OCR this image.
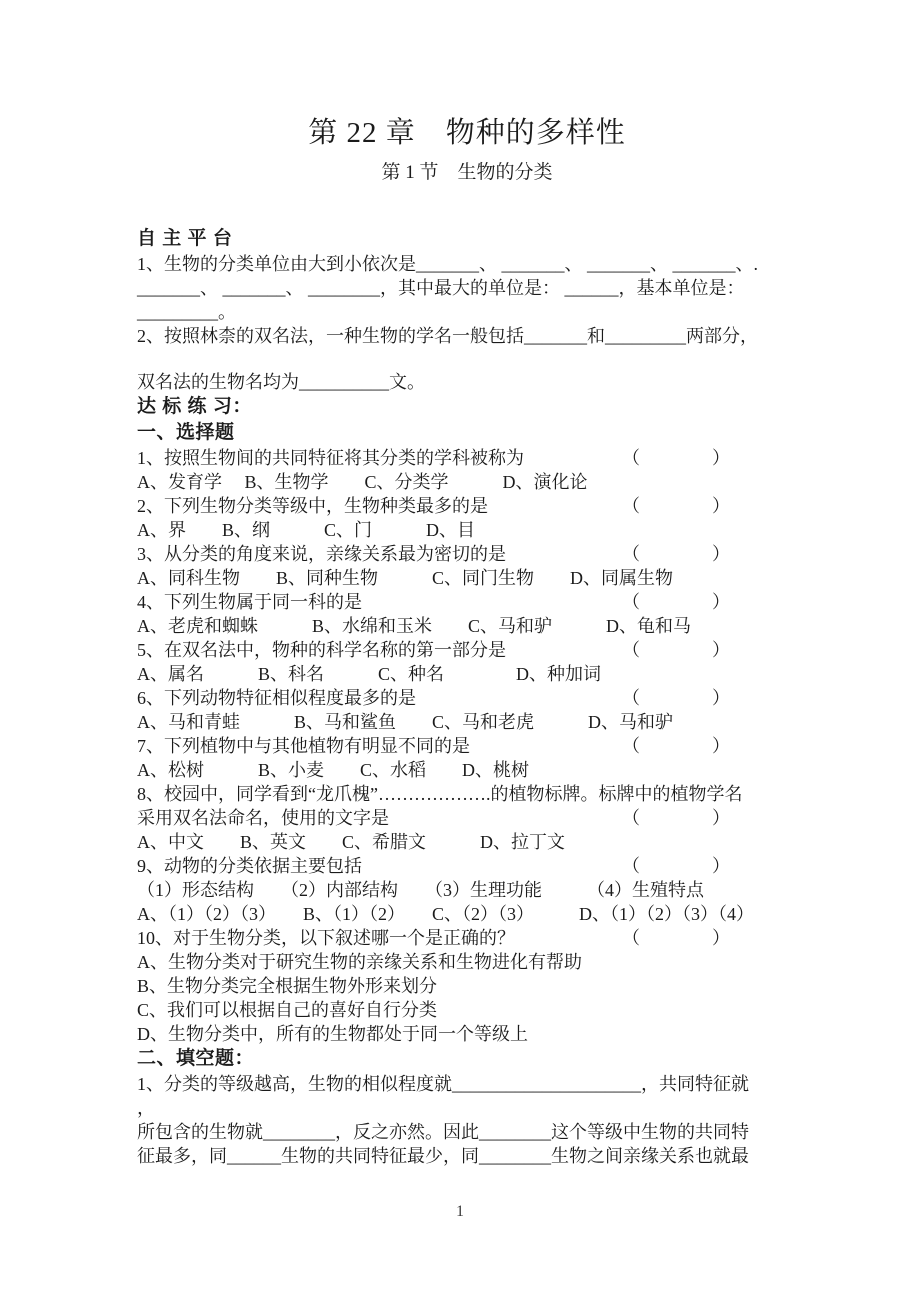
第 22 章　物种的多样性
第 1 节　生物的分类
自 主 平 台
1、生物的分类单位由大到小依次是_______、 _______、 _______、 _______、.
_______、 _______、 ________，其中最大的单位是： ______，基本单位是：
_________。
2、按照林柰的双名法，一种生物的学名一般包括_______和_________两部分，
双名法的生物名均为__________文。
达 标 练 习：
一、选择题
1、按照生物间的共同特征将其分类的学科被称为	（　　　　）
A、发育学　 B、生物学　　C、分类学　　　D、演化论
2、下列生物分类等级中，生物种类最多的是	（　　　　）
A、界　　B、纲　　　C、门　　　D、目
3、从分类的角度来说，亲缘关系最为密切的是	（　　　　）
A、同科生物　　B、同种生物　　　C、同门生物　　D、同属生物
4、下列生物属于同一科的是	（　　　　）
A、老虎和蜘蛛　　　B、水绵和玉米　　C、马和驴　　　D、龟和马
5、在双名法中，物种的科学名称的第一部分是	（　　　　）
A、属名　　　B、科名　　　C、种名　　　　D、种加词
6、下列动物特征相似程度最多的是	（　　　　）
A、马和青蛙　　　B、马和鲨鱼　　C、马和老虎　　　D、马和驴
7、下列植物中与其他植物有明显不同的是	（　　　　）
A、松树　　　B、小麦　　C、水稻　　D、桃树
8、校园中，同学看到“龙爪槐”……………….的植物标牌。标牌中的植物学名
采用双名法命名，使用的文字是	（　　　　）
A、中文　　B、英文　　C、希腊文　　　D、拉丁文
9、动物的分类依据主要包括	（　　　　）
（1）形态结构　　（2）内部结构　　（3）生理功能　　　（4）生殖特点
A、（1）（2）（3）　　B、（1）（2）　　C、（2）（3）　　　D、（1）（2）（3）（4）
10、对于生物分类，以下叙述哪一个是正确的？	（　　　　）
A、生物分类对于研究生物的亲缘关系和生物进化有帮助
B、生物分类完全根据生物外形来划分
C、我们可以根据自己的喜好自行分类
D、生物分类中，所有的生物都处于同一个等级上
二、填空题：
1、分类的等级越高，生物的相似程度就_____________________，共同特征就
，
所包含的生物就________，反之亦然。因此________这个等级中生物的共同特
征最多，同______生物的共同特征最少，同________生物之间亲缘关系也就最
1
